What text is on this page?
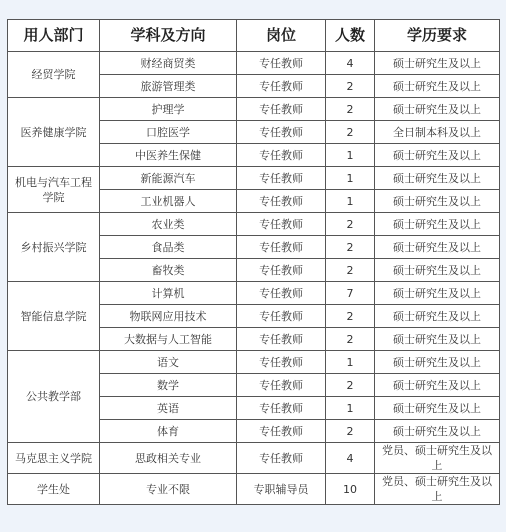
用人部门	学科及方向	岗位	人数	学历要求
经贸学院	财经商贸类	专任教师	4	硕士研究生及以上
	旅游管理类	专任教师	2	硕士研究生及以上
医养健康学院	护理学	专任教师	2	硕士研究生及以上
	口腔医学	专任教师	2	全日制本科及以上
	中医养生保健	专任教师	1	硕士研究生及以上
机电与汽车工程学院	新能源汽车	专任教师	1	硕士研究生及以上
	工业机器人	专任教师	1	硕士研究生及以上
乡村振兴学院	农业类	专任教师	2	硕士研究生及以上
	食品类	专任教师	2	硕士研究生及以上
	畜牧类	专任教师	2	硕士研究生及以上
智能信息学院	计算机	专任教师	7	硕士研究生及以上
	物联网应用技术	专任教师	2	硕士研究生及以上
	大数据与人工智能	专任教师	2	硕士研究生及以上
公共教学部	语文	专任教师	1	硕士研究生及以上
	数学	专任教师	2	硕士研究生及以上
	英语	专任教师	1	硕士研究生及以上
	体育	专任教师	2	硕士研究生及以上
马克思主义学院	思政相关专业	专任教师	4	党员、硕士研究生及以上
学生处	专业不限	专职辅导员	10	党员、硕士研究生及以上
